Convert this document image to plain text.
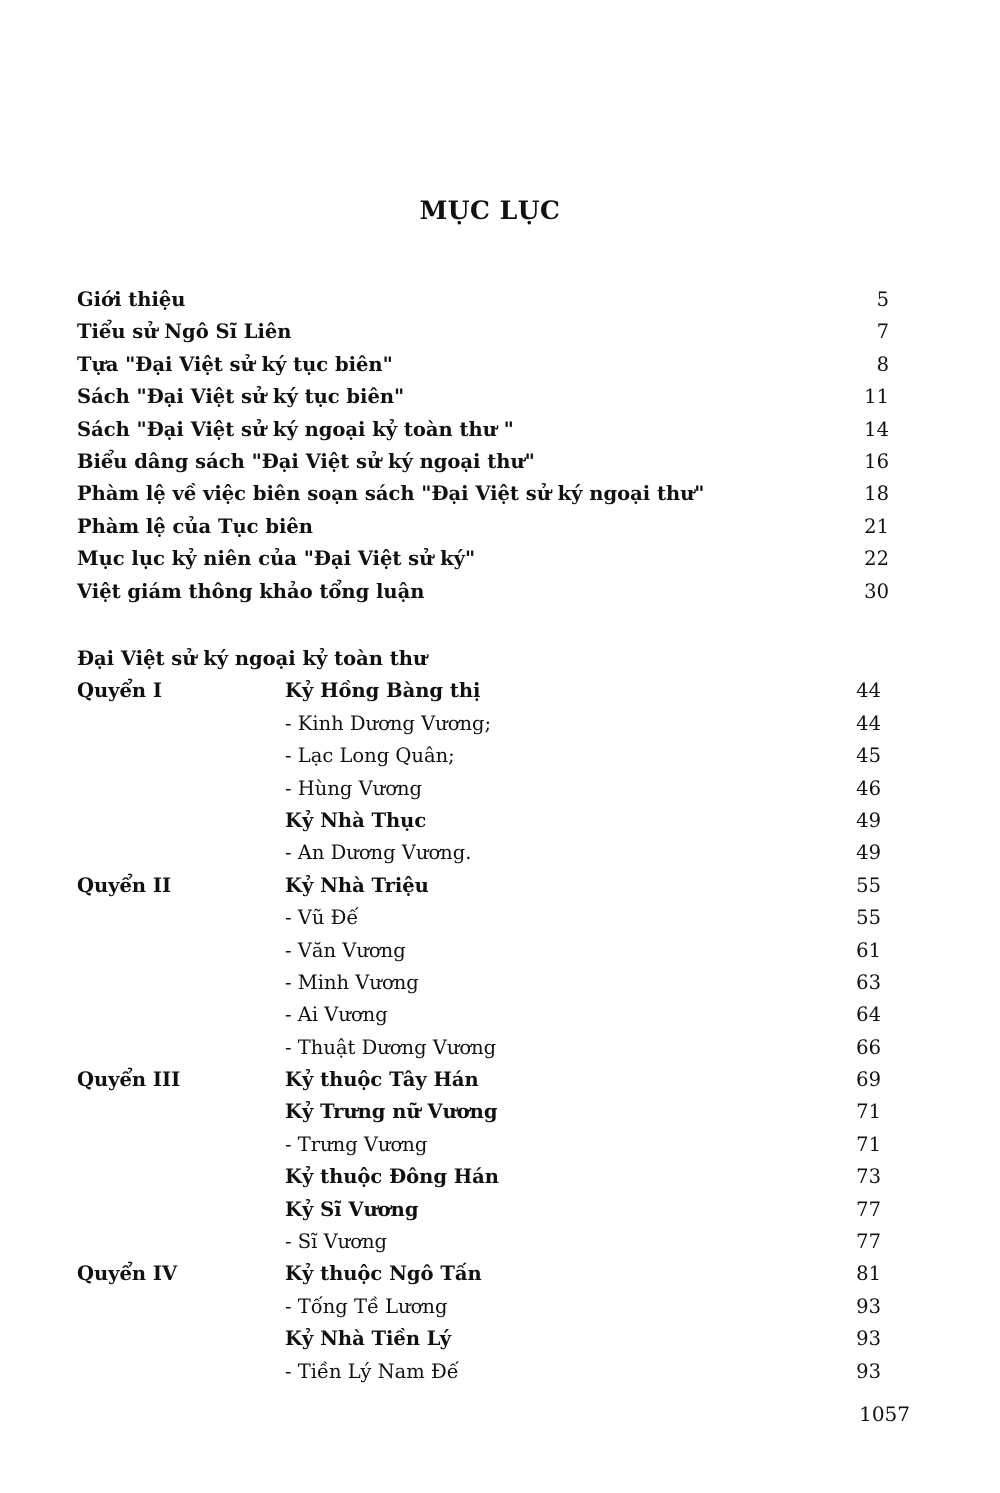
MỤC LỤC
Giới thiệu	5
Tiểu sử Ngô Sĩ Liên	7
Tựa "Đại Việt sử ký tục biên"	8
Sách "Đại Việt sử ký tục biên"	11
Sách "Đại Việt sử ký ngoại kỷ toàn thư "	14
Biểu dâng sách "Đại Việt sử ký ngoại thư"	16
Phàm lệ về việc biên soạn sách "Đại Việt sử ký ngoại thư"	18
Phàm lệ của Tục biên	21
Mục lục kỷ niên của "Đại Việt sử ký"	22
Việt giám thông khảo tổng luận	30
Đại Việt sử ký ngoại kỷ toàn thư
Quyển I	Kỷ Hồng Bàng thị	44
- Kinh Dương Vương;	44
- Lạc Long Quân;	45
- Hùng Vương	46
Kỷ Nhà Thục	49
- An Dương Vương.	49
Quyển II	Kỷ Nhà Triệu	55
- Vũ Đế	55
- Văn Vương	61
- Minh Vương	63
- Ai Vương	64
- Thuật Dương Vương	66
Quyển III	Kỷ thuộc Tây Hán	69
Kỷ Trưng nữ Vương	71
- Trưng Vương	71
Kỷ thuộc Đông Hán	73
Kỷ Sĩ Vương	77
- Sĩ Vương	77
Quyển IV	Kỷ thuộc Ngô Tấn	81
- Tống Tề Lương	93
Kỷ Nhà Tiền Lý	93
- Tiền Lý Nam Đế	93
1057
